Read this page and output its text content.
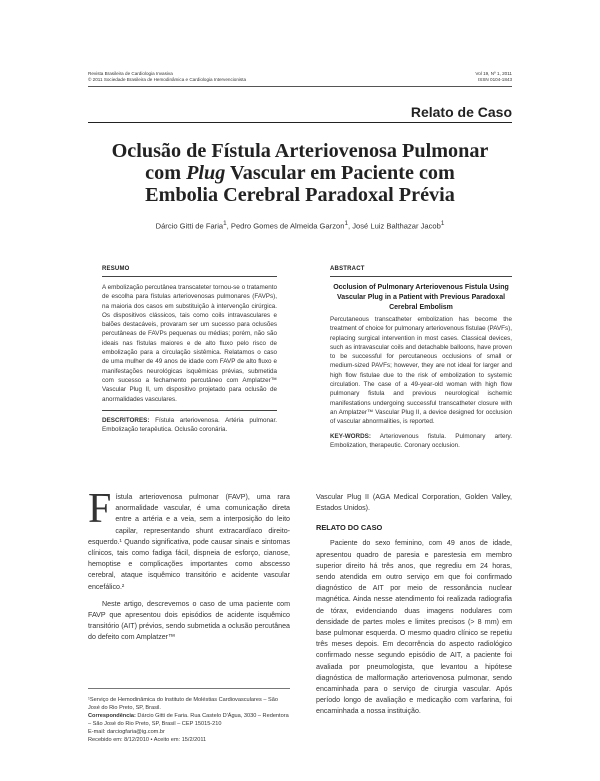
Revista Brasileira de Cardiologia Invasiva
© 2011 Sociedade Brasileira de Hemodinâmica e Cardiologia Intervencionista
Vol 19, Nº 1, 2011
ISSN 0104-1843
Relato de Caso
Oclusão de Fístula Arteriovenosa Pulmonar
com Plug Vascular em Paciente com
Embolia Cerebral Paradoxal Prévia
Dárcio Gitti de Faria$^1$, Pedro Gomes de Almeida Garzon$^1$, José Luiz Balthazar Jacob$^1$
RESUMO

A embolização percutânea transcateter tornou-se o tratamento de escolha para fístulas arteriovenosas pulmonares (FAVPs), na maioria dos casos em substituição à intervenção cirúrgica. Os dispositivos clássicos, tais como coils intravasculares e balões destacáveis, provaram ser um sucesso para oclusões percutâneas de FAVPs pequenas ou médias; porém, não são ideais nas fístulas maiores e de alto fluxo pelo risco de embolização para a circulação sistêmica. Relatamos o caso de uma mulher de 49 anos de idade com FAVP de alto fluxo e manifestações neurológicas isquêmicas prévias, submetida com sucesso a fechamento percutâneo com Amplatzer™ Vascular Plug II, um dispositivo projetado para oclusão de anormalidades vasculares.

DESCRITORES: Fístula arteriovenosa. Artéria pulmonar. Embolização terapêutica. Oclusão coronária.

ABSTRACT

Occlusion of Pulmonary Arteriovenous Fistula Using Vascular Plug in a Patient with Previous Paradoxal Cerebral Embolism

Percutaneous transcatheter embolization has become the treatment of choice for pulmonary arteriovenous fistulae (PAVFs), replacing surgical intervention in most cases. Classical devices, such as intravascular coils and detachable balloons, have proven to be successful for percutaneous occlusions of small or medium-sized PAVFs; however, they are not ideal for larger and high flow fistulae due to the risk of embolization to systemic circulation. The case of a 49-year-old woman with high flow pulmonary fistula and previous neurological ischemic manifestations undergoing successful transcatheter closure with an Amplatzer™ Vascular Plug II, a device designed for occlusion of vascular abnormalities, is reported.

KEY-WORDS: Arteriovenous fistula. Pulmonary artery. Embolization, therapeutic. Coronary occlusion.

Fístula arteriovenosa pulmonar (FAVP), uma rara anormalidade vascular, é uma comunicação direta entre a artéria e a veia, sem a interposição do leito capilar, representando shunt extracardíaco direito-esquerdo.¹ Quando significativa, pode causar sinais e sintomas clínicos, tais como fadiga fácil, dispneia de esforço, cianose, hemoptise e complicações importantes como abscesso cerebral, ataque isquêmico transitório e acidente vascular encefálico.²

Neste artigo, descrevemos o caso de uma paciente com FAVP que apresentou dois episódios de acidente isquêmico transitório (AIT) prévios, sendo submetida a oclusão percutânea do defeito com Amplatzer™

¹Serviço de Hemodinâmica do Instituto de Moléstias Cardiovasculares – São José do Rio Preto, SP, Brasil.

Correspondência: Dárcio Gitti de Faria. Rua Castelo D'Água, 3030 – Redentora – São José do Rio Preto, SP, Brasil – CEP 15015-210

E-mail: darciogfaria@ig.com.br

Recebido em: 8/12/2010 • Aceito em: 15/2/2011

Vascular Plug II (AGA Medical Corporation, Golden Valley, Estados Unidos).

RELATO DO CASO

Paciente do sexo feminino, com 49 anos de idade, apresentou quadro de paresia e parestesia em membro superior direito há três anos, que regrediu em 24 horas, sendo atendida em outro serviço em que foi confirmado diagnóstico de AIT por meio de ressonância nuclear magnética. Ainda nesse atendimento foi realizada radiografia de tórax, evidenciando duas imagens nodulares com densidade de partes moles e limites precisos (> 8 mm) em base pulmonar esquerda. O mesmo quadro clínico se repetiu três meses depois. Em decorrência do aspecto radiológico confirmado nesse segundo episódio de AIT, a paciente foi avaliada por pneumologista, que levantou a hipótese diagnóstica de malformação arteriovenosa pulmonar, sendo encaminhada para o serviço de cirurgia vascular. Após período longo de avaliação e medicação com varfarina, foi encaminhada a nossa instituição.
